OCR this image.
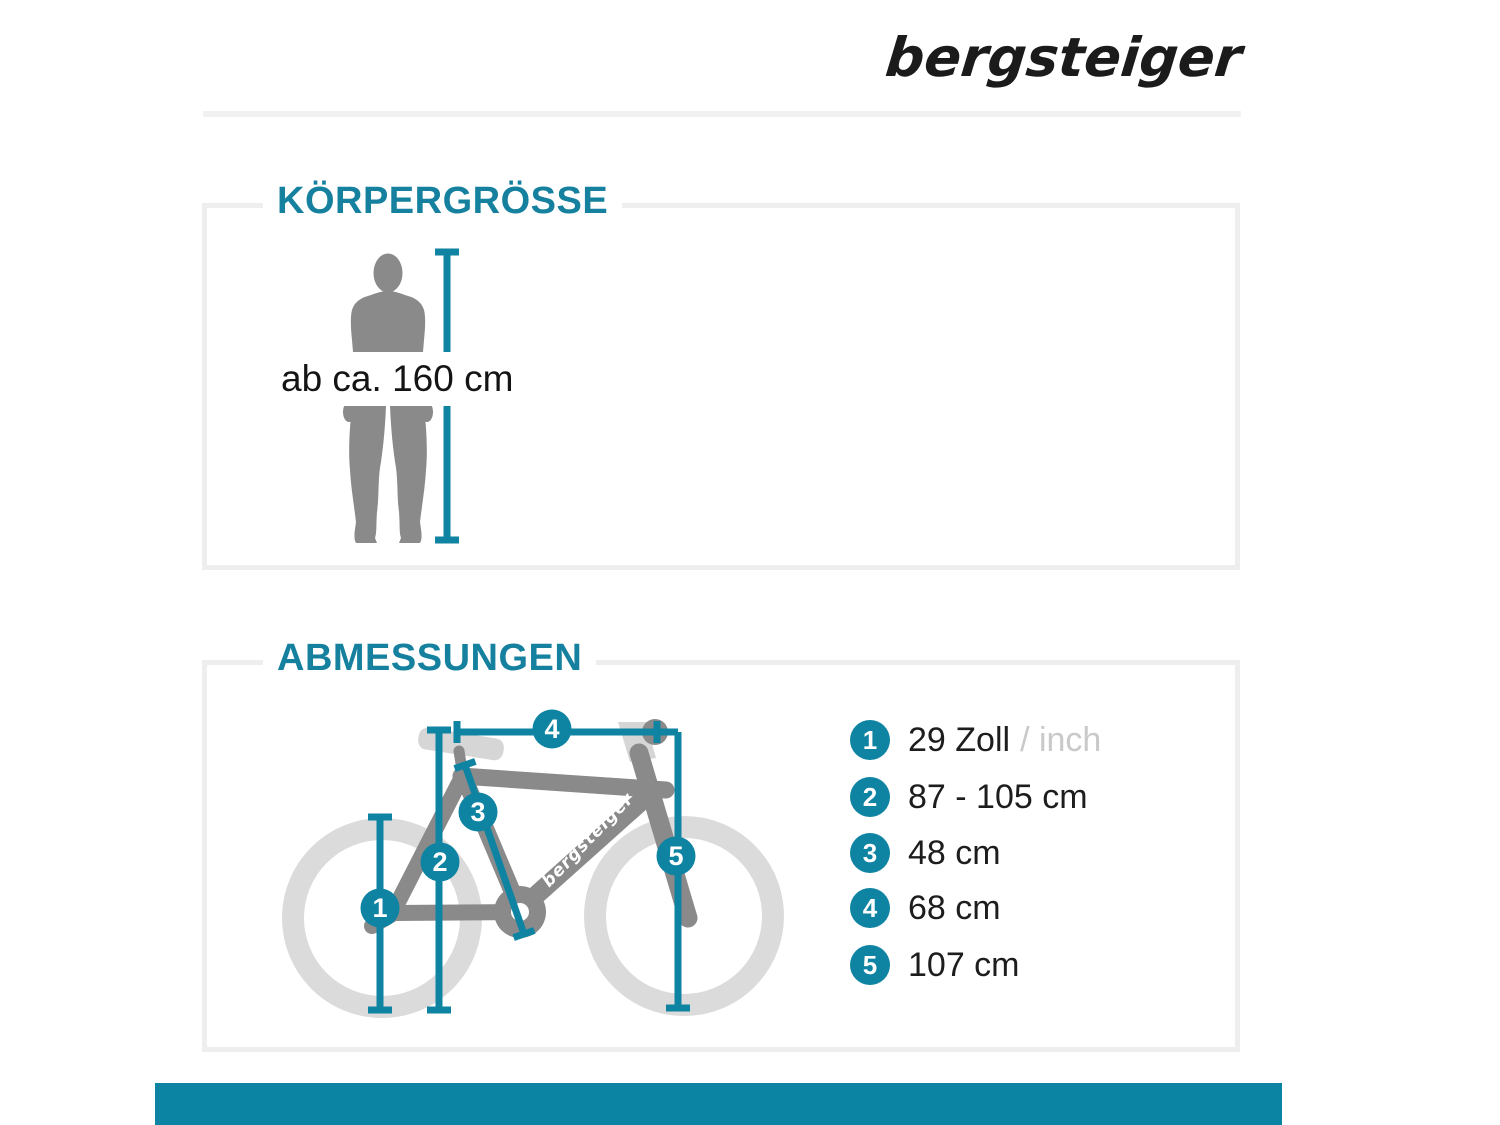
bergsteiger
KÖRPERGRÖSSE
ab ca. 160 cm
ABMESSUNGEN
bergsteiger
1
2
3
4
5
1 29 Zoll / inch
2 87 - 105 cm
3 48 cm
4 68 cm
5 107 cm
